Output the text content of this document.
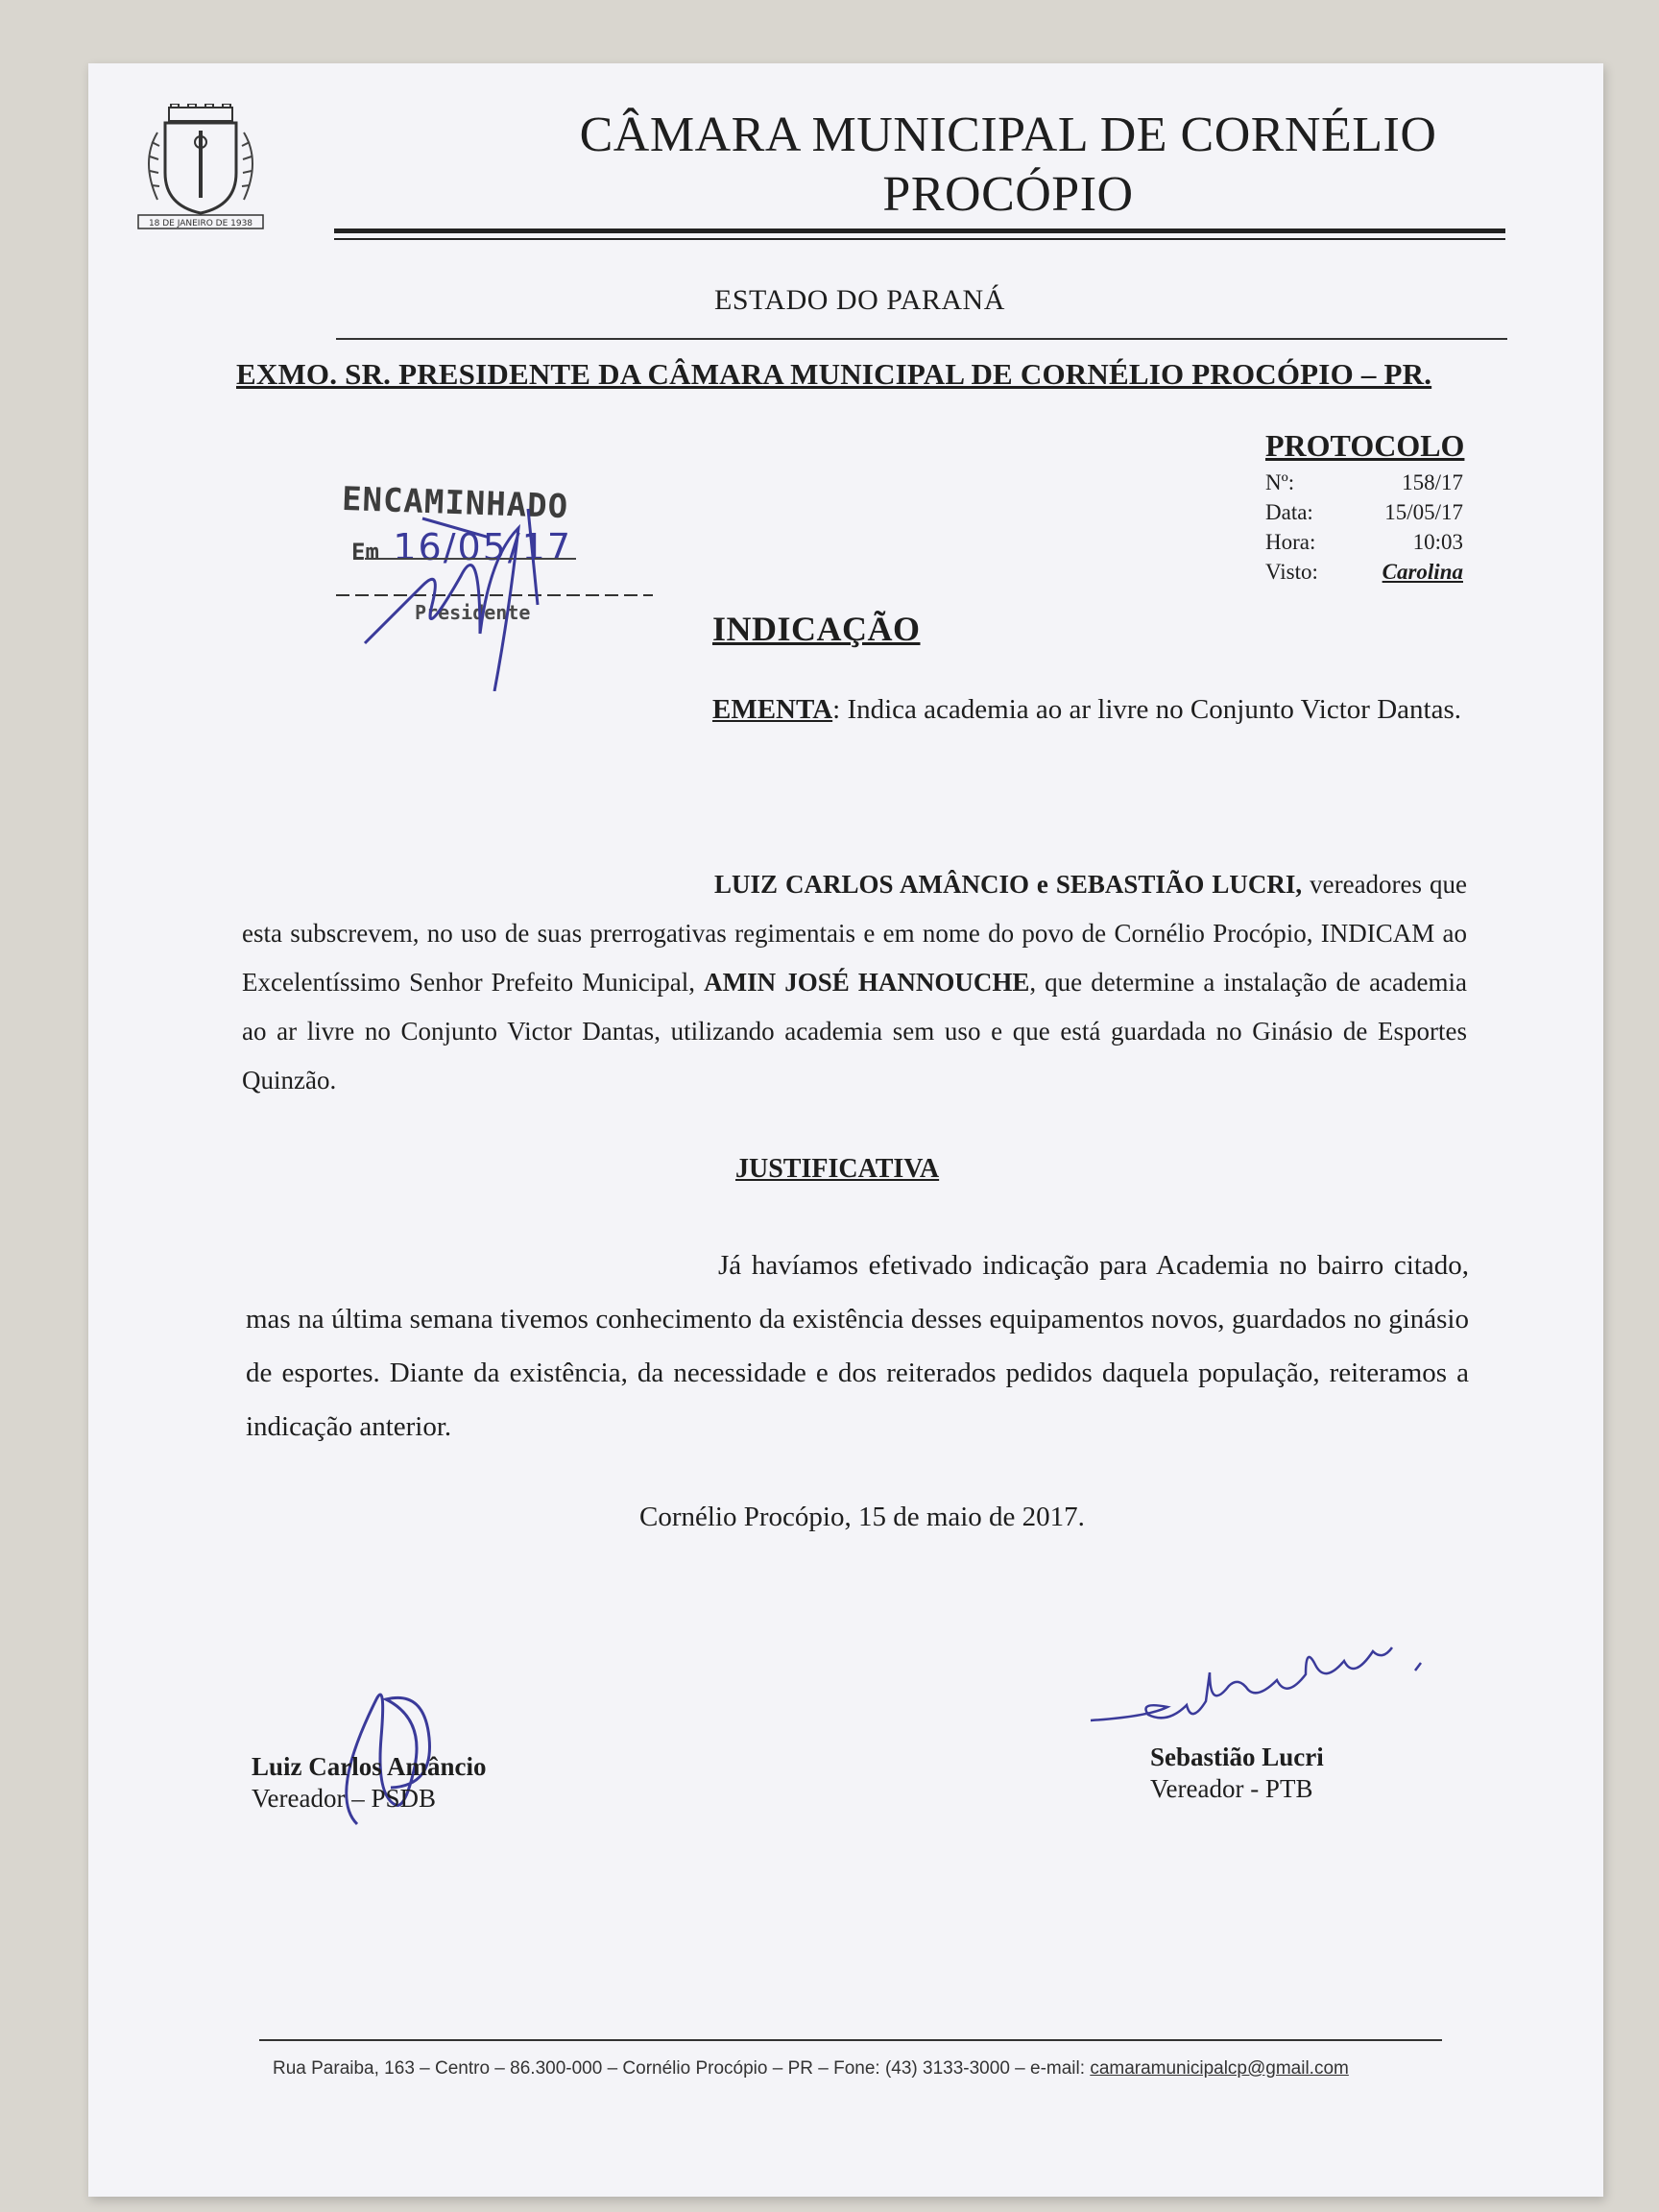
18 DE JANEIRO DE 1938
CÂMARA MUNICIPAL DE CORNÉLIO PROCÓPIO
ESTADO DO PARANÁ
EXMO. SR. PRESIDENTE DA CÂMARA MUNICIPAL DE CORNÉLIO PROCÓPIO – PR.
PROTOCOLO
Nº:	158/17
Data:	15/05/17
Hora:	10:03
Visto:	Carolina
ENCAMINHADO
Em 16/05/17
Presidente	INDICAÇÃO
EMENTA: Indica academia ao ar livre no Conjunto Victor Dantas.
LUIZ CARLOS AMÂNCIO e SEBASTIÃO LUCRI, vereadores que esta subscrevem, no uso de suas prerrogativas regimentais e em nome do povo de Cornélio Procópio, INDICAM ao Excelentíssimo Senhor Prefeito Municipal, AMIN JOSÉ HANNOUCHE, que determine a instalação de academia ao ar livre no Conjunto Victor Dantas, utilizando academia sem uso e que está guardada no Ginásio de Esportes Quinzão.
JUSTIFICATIVA
Já havíamos efetivado indicação para Academia no bairro citado, mas na última semana tivemos conhecimento da existência desses equipamentos novos, guardados no ginásio de esportes. Diante da existência, da necessidade e dos reiterados pedidos daquela população, reiteramos a indicação anterior.
Cornélio Procópio, 15 de maio de 2017.
Luiz Carlos Amâncio
Vereador – PSDB
Sebastião Lucri
Vereador - PTB
Rua Paraiba, 163 – Centro – 86.300-000 – Cornélio Procópio – PR – Fone: (43) 3133-3000 – e-mail: camaramunicipalcp@gmail.com
